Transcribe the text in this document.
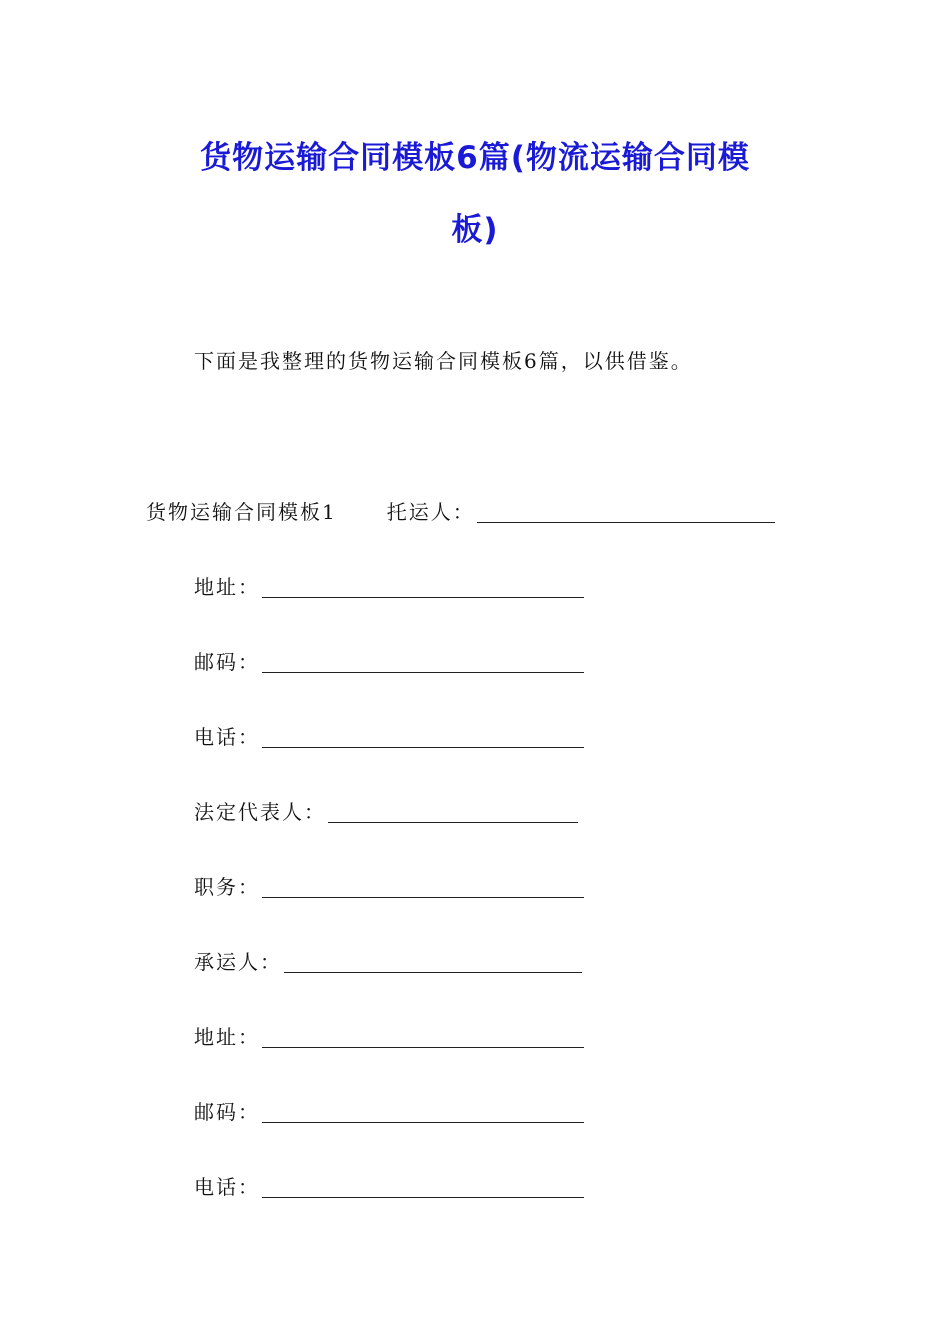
货物运输合同模板6篇(物流运输合同模
板)
下面是我整理的货物运输合同模板6篇，以供借鉴。
货物运输合同模板1	托运人：
地址：
邮码：
电话：
法定代表人：
职务：
承运人：
地址：
邮码：
电话：
